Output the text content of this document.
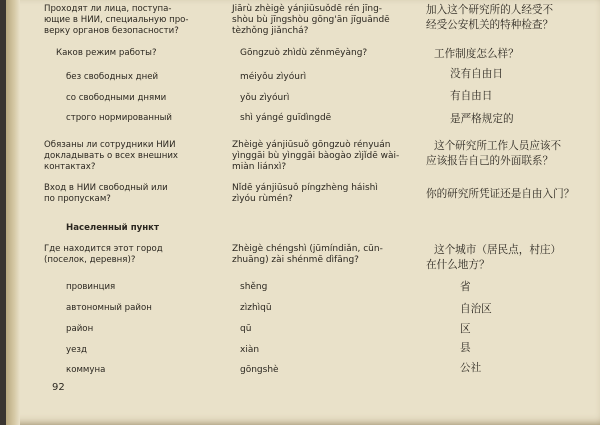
Проходят ли лица, поступа-
ющие в НИИ, специальную про-
верку органов безопасности?
Каков режим работы?
без свободных дней
со свободными днями
строго нормированный
Обязаны ли сотрудники НИИ
докладывать о всех внешних
контактах?
Вход в НИИ свободный или
по пропускам?
Населенный пункт
Где находится этот город
(поселок, деревня)?
провинция
автономный район
район
уезд
коммуна
Jiārù zhèigè yánjiūsuǒdē rén jīng-
shòu bù jīngshòu gōng'ān jīguāndē
tèzhǒng jiǎnchá?
Gōngzuò zhìdù zěnmēyàng?
méiyǒu zìyóurì
yǒu zìyóurì
shì yángé guīdìngdē
Zhèigè yánjiūsuǒ gōngzuò rényuán
yìnggāi bù yìnggāi bàogào zìjǐdē wài-
miàn liánxì?
Nǐdē yánjiūsuǒ píngzhèng háishì
zìyóu rùmén?
Zhèigè chéngshì (jūmíndiǎn, cūn-
zhuāng) zài shénmē dìfāng?
shěng
zìzhìqū
qū
xiàn
gōngshè
加入这个研究所的人经受不
经受公安机关的特种检查？
工作制度怎么样？
没有自由日
有自由日
是严格规定的
这个研究所工作人员应该不
应该报告自己的外面联系？
你的研究所凭证还是自由入门？
这个城市（居民点，村庄）
在什么地方？
省
自治区
区
县
公社
92
